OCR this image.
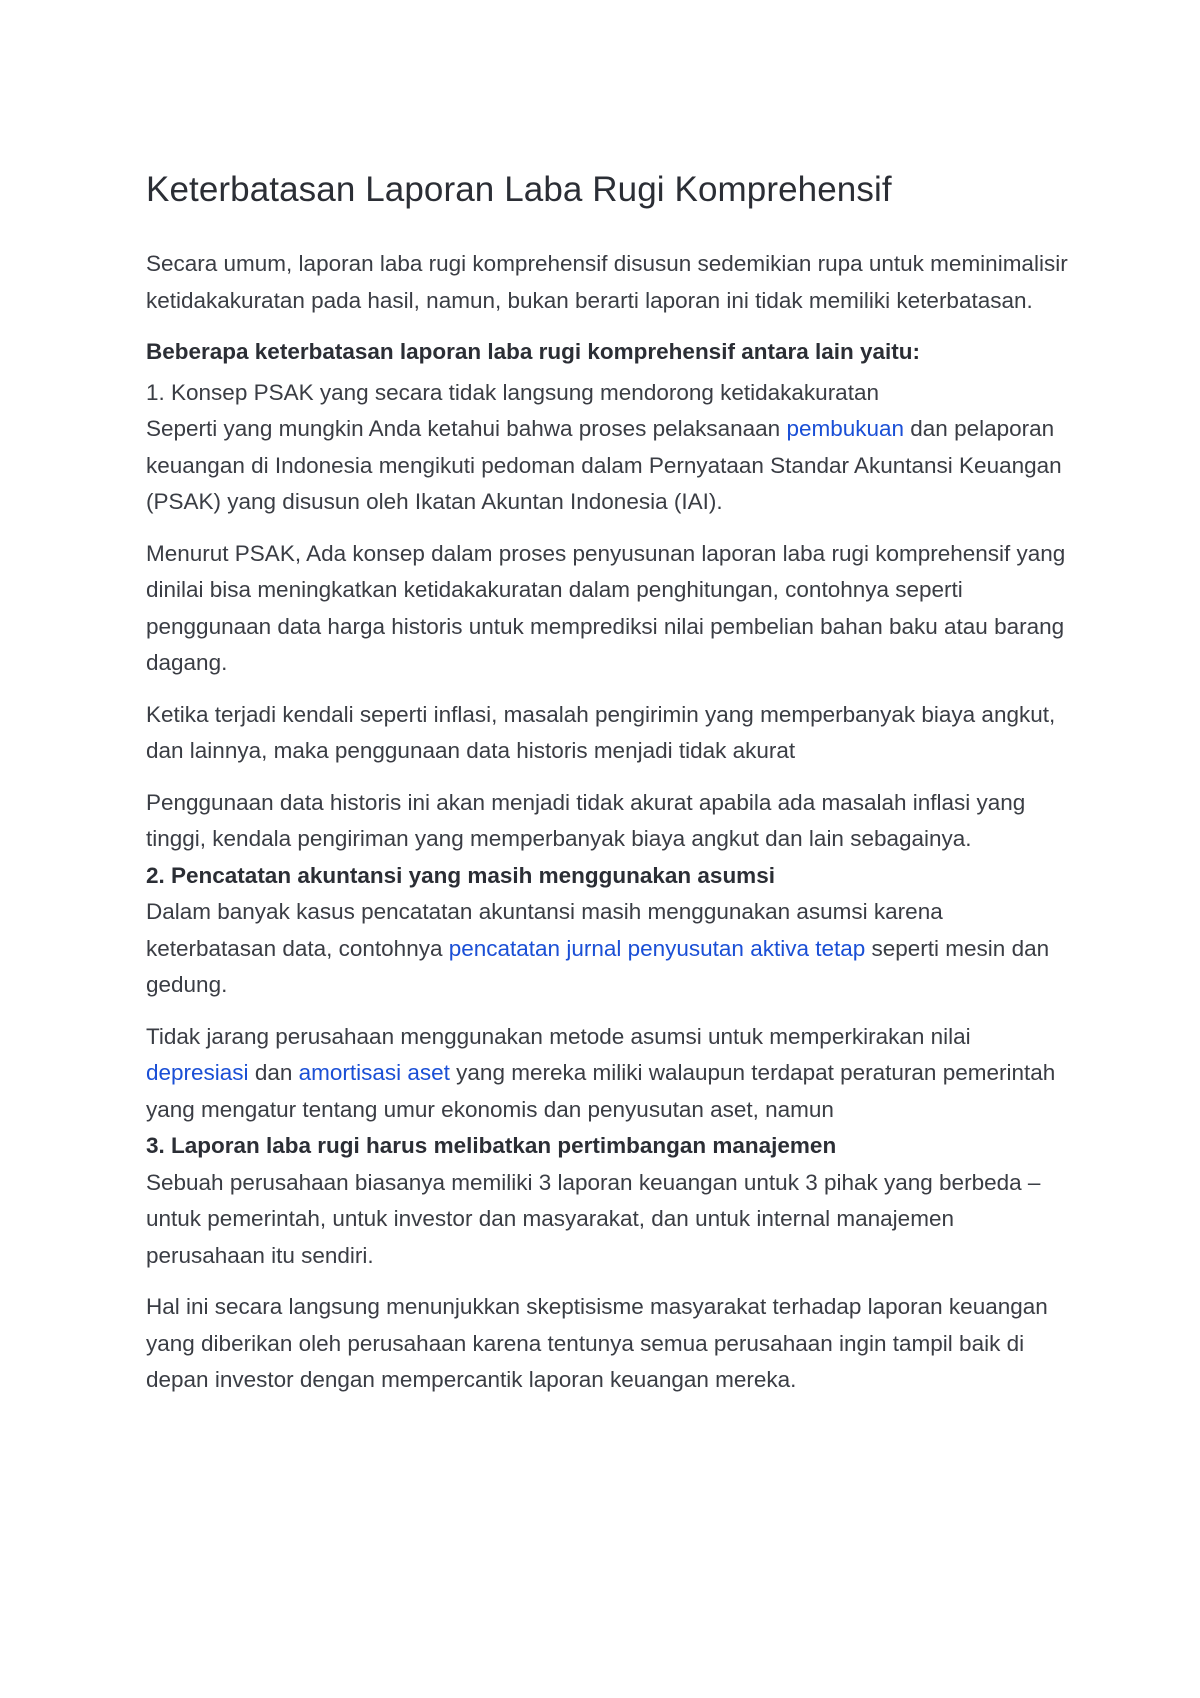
Keterbatasan Laporan Laba Rugi Komprehensif

Secara umum, laporan laba rugi komprehensif disusun sedemikian rupa untuk meminimalisir ketidakakuratan pada hasil, namun, bukan berarti laporan ini tidak memiliki keterbatasan.

Beberapa keterbatasan laporan laba rugi komprehensif antara lain yaitu:

1. Konsep PSAK yang secara tidak langsung mendorong ketidakakuratan

Seperti yang mungkin Anda ketahui bahwa proses pelaksanaan pembukuan dan pelaporan keuangan di Indonesia mengikuti pedoman dalam Pernyataan Standar Akuntansi Keuangan (PSAK) yang disusun oleh Ikatan Akuntan Indonesia (IAI).

Menurut PSAK, Ada konsep dalam proses penyusunan laporan laba rugi komprehensif yang dinilai bisa meningkatkan ketidakakuratan dalam penghitungan, contohnya seperti penggunaan data harga historis untuk memprediksi nilai pembelian bahan baku atau barang dagang.

Ketika terjadi kendali seperti inflasi, masalah pengirimin yang memperbanyak biaya angkut, dan lainnya, maka penggunaan data historis menjadi tidak akurat

Penggunaan data historis ini akan menjadi tidak akurat apabila ada masalah inflasi yang tinggi, kendala pengiriman yang memperbanyak biaya angkut dan lain sebagainya.

2. Pencatatan akuntansi yang masih menggunakan asumsi

Dalam banyak kasus pencatatan akuntansi masih menggunakan asumsi karena keterbatasan data, contohnya pencatatan jurnal penyusutan aktiva tetap seperti mesin dan gedung.

Tidak jarang perusahaan menggunakan metode asumsi untuk memperkirakan nilai depresiasi dan amortisasi aset yang mereka miliki walaupun terdapat peraturan pemerintah yang mengatur tentang umur ekonomis dan penyusutan aset, namun

3. Laporan laba rugi harus melibatkan pertimbangan manajemen

Sebuah perusahaan biasanya memiliki 3 laporan keuangan untuk 3 pihak yang berbeda – untuk pemerintah, untuk investor dan masyarakat, dan untuk internal manajemen perusahaan itu sendiri.

Hal ini secara langsung menunjukkan skeptisisme masyarakat terhadap laporan keuangan yang diberikan oleh perusahaan karena tentunya semua perusahaan ingin tampil baik di depan investor dengan mempercantik laporan keuangan mereka.
